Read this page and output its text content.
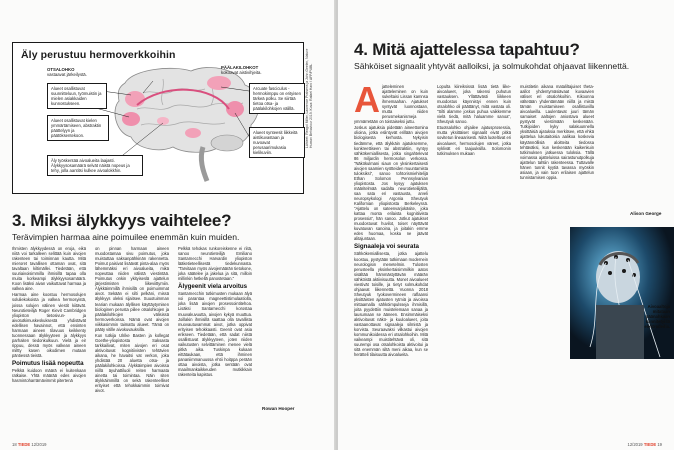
Äly perustuu hermoverkkoihin
OTSALOHKO
vastaavat järkeilystä.
PÄÄLAKILOHKOT
kokoavat aistivihjeita.
Alueet osallistuvat suunnitteluun, työmuistin ja mielen asiakkaiden kunnostukseen.
Alueet osallistuvat kielen ymmärtämiseen, abstraktin päättelyyn ja päätöksentekoon.
Äly työskentää aivoalueita laajasti. Älykkyysosamäärä selvät näistä nopeus ja tehy, jolla aantitsi kulkee aivoalokkhin.
Arcuate fasciculus -hermokimppu on erityisen tärkeä polku. Se siirtää tietoa otsa- ja päälakilohkojen välillä.
Alueet synteesit liikkeitä aistikuvastaan ja nuvoavat perusaarimukasia kielikuviin.
Lähteet: Rexgol Miller, Lawrence Pratsens ja John Geelen, Nature Human Behaviour 2019. Kuva: Rafael Haro / AFP/PUBL
3. Miksi älykkyys vaihtelee?
Terävimpien harmaa aine poimuilee enemmän kuin muiden.

Ihmisten älykkyydessä on eroja, eikä niitä voi tarkalleen selittää kuin aivojen rakenteen tai toiminnan kautta. Mitä mieroret tavallisen ottaman ovat, sitä tavaltaan kiltimällei. Tiedetään, että suuriaivoisimmilla ihmisillä tapaa olla muita korkeampi älykkyysosamäärä. Koon lisäksi aivan vaikuttavat harmaa ja valkea aine.

Harmaa aine koostuu hermosolujen soluliekokoista ja valkea hermosyistä, joissa solujen välinen viestit kiitävät. Neurotieteilijä Roger Kievit Cambridgen yliopiston tietosivun- ja aivotutkimuskeskuksestä yhdistävät edellisen havainnot, että ensinten harmaan aineen tilavuus keikkenty tuonnessaan älykkyyteen ja älykkyys parhaiten tiedonkulkuun. Vielä ja eir rippuu, dessä myös valkean aineen miltty kasen oikodimen mutaan päntiessä tieistä.

Poimutus lisää nopeutta

Pelkkä kuidoon määrä ei kuitenkaan ratkaise. Yhtä määrää edes aivojen hasmintoharrämävimmit pitertenä

on pinnan harmaan aineen muodostamaa sivu poimutus, joka muistuttaa saksanpähkinän rakennetta. Poimut paisivat lisäävät pinta-alaa myös lähemmäksi eri aivoalueita, mikä nopeuttaa niiden välistä viestintää. Poimutus onkin ykityiseslä ajattelun järjestimisten liikeviittymiin. Älykkäimmillä ihmisillä on poimuimmat aivot. Sekään ei silti pelkäni, missä älykkyys oleksi sijaitsee. Suuotuimman tearian mukaan älyllisen käyttäytymisen biologinen perusta piilee otsalohkojen ja päälakilohkojen välisissä hermoverkoissa. Nämä ovat aivojen viikkasimmin taimattu alueet. Tämä on pääty vitille aivokuvauksilla.

Kun tutkija Ulrike Basten ja kollegat Goethe-yliopistosta Saksasta tarkkailivat, miten aivojen eri osat aktivoituvat kognitiivisten tehtävien aikana, he havaitsi vat verkon, joka yhdistää 20 aluetta otsa- ja päälakilohkoissa. Älykkäimpien aivoissa niillä äyuhattiluoli reiten harmaata ainetta tai toimintaa. Näin siten älykkäimmillä on sekä rakenteelliset erityiset että tehokkaimmin toimivat aivot.

Pelkkä tehokas runkoreiskenne ei riitä, sanoo neurotieteilijä Emiliano Santarnecchi Harvardin yliopiston lääketieteellisestä tiedekunnasta. "Tarvitaan myös aivojemäärän tietokone, joka säätelee ja jakelua ja sitä, milloin millinkin hetkellä panostetaan."

Älygeenit viela arvoitus

Santarnecchin tutkimusten mukaan älyä voi parantaa magneettistimulaatiolla, joka lisää aivojen prosessointitehoa. Lisäksi Santarnecchi korostaa muuvakuvuutta, aivojen kykyä muuttua. Joillakin ihmisillä saattaa olla tavallista muovautuvammat aivot, jotka oppivat erityisen tehokkaasti. Geenit ovat asia erikseen. Tiedetään, että sadat niistä osallistuvat älykkyyteen, joten niiden vaikutusten selvittäminen menee vielä pitkä aika. Tuskinpa kukaan eittätaukaan, että ihminen pananiimmanuussa ehtii hoitppa perään ottaa aivoista, jotka sentään ovat maailmankaikkeuden mutkikkain rakenteita kapistus.

Rowan Hooper
18 TIEDE 12/2019
4. Mitä ajattelessa tapahtuu?
Sähköiset signaalit yhtyvät aalloiksi, ja solmukohdat ohjaavat liikennettä.
A jatteleminen ajatteleminen on kuin sukeltaisi Lissan kamnsa ihmemaahan. Ajatukset syntyvät luonnostaan, mutta niiden perusmekanismeja ymmärretään on toistaiseksi juttu.

Joskus ajatuksia pidetään aineettomina olioina, jotka eslintyvät erillään aivojen biologisesta kerhosta. Nykyisin tiedämme, että älykkäin ajatuksemme, konkreettiseen tai abstraktiin, syntyy sähkökemiallisesta, jotka singahtelevat 86 miljardin hermosolun verkossa. "Näkökulmani siaun on yksinkertaisesti aivojen saamien syötteiden muuntamista tuloksiksi", sanoo tohtorismiehitelijä Ethan Solomon Pennsylvanian yliopistosta. Jos kysyy ajatuksen määritelmää sadalta neurotieteilijältä, saa sata eri vastausta, arveli neuropsykologi Argonia Sheutyuk Kalifornian yliopistosta Berkeleyssä. "Ajattelu on sateenvarjokäsite, joka kattaa monta erilaista kognitiivista prosessia", hän sanoo. Jotkut ajatukset muodostuvat huvilot, toiset näyttävät kuvatuvan sanoina, ja joitakin emme edes huomaa, koska ne jäävät alitajuntaan.

Signaaleja voi seurata

Sähkökemiallisesta, jotka ajattelu koostuu, pystytään tutkimaan modernein neurologisin menetelmin. Tulosten perusteella yksinkertaisimmilkin aatos sisältää hämmästyttävän määrän sähköistä aktiivisuutta. Monet aivoalueet viestivät toisille, ja tietyt solmukohdat ohjaavat liikennettä. Vuonna 2018 Sheutyuk tyokovermineen raflaansi yksittäisten ajatusten rytmiä ja aivoissa mittaamalla sähköimpulsseja ihmisillä, joita pyydettiin muistelemaan sanaa ja lausumaan se ääneen. Ensimmäiseksi aktivoituvat näkö- ja kuuloalueet, joita vastaanottavat signaaleja silmistä ja korvista. Seuraavaksi vilkastui aivojen kommunikoidessa eri otsalohkoihin. Mitä vaikeampi muistitehtävä oli, sitä suurempi osa otsalohkoista aktivoitui ja sitä enemmän siltä meni aikaa, kun se herätteli tilaisuutta aivoalueita.

Lopulta kiireiksissä lisää tietä liike-aivoalueet, joka rakensi puhutun vastauksen. Yllättävästi liikkeen muodostus käynnistyi ennen kuin otsalohko oli päättänyt, mitä vastata oli. "Silti alamme joskus puhua vaikkemme vielä tiedä, mitä haluamme sanoa", Sheutyuk sanoo.

Etuotsalohko ohjailee ajatusprosessia, mutta yksittäiset signaalit eivät pitkä sovitetun lineaarisesti. Niitä luoteltivat eri aivoalueet, hermosolujen väreet, jotka syklivät eri taajuuksilla. Solomonin tutkimuksen mukaan

muistitetin aikana mataliltajuiset theta-aallot yhdentymäsiävaat kuvaavien väliset eri otsalohkoihin. Kikoonna vältetään yhdentämään niillä ja mistä tämän muistamiseen osallistuvilla aivoalueilla. Laulentavat juuri tämän samaiset aaltojen aniostava alueet pystyvät viestimään keskenään. Tutkijoiden kyky salakuunnella yksittäisiä ajatuksia merkitsee, että ehkä ajattelua lukutaitoisia aalikoa koskevia käytännöllisiä aloitteita tiedossa tehtäväksi, kun keskenään kaikenkuin tutkimuksen jatkuessa tuloksia. Tällä voimassa ajatteluissa sairastunutpolkuja ajattelun tahtiin rakenteessa. Tuttavalle hänen tunnit kyytiä tavassa myöskin asiaan, ja vain tuon erilaisen ajattelun tunnistamisen oppia.

Alison George
Aivoaaltoja mitataan päänahkaan kiinnitetyillä elektrodeilla.
12/2019 TIEDE 19
